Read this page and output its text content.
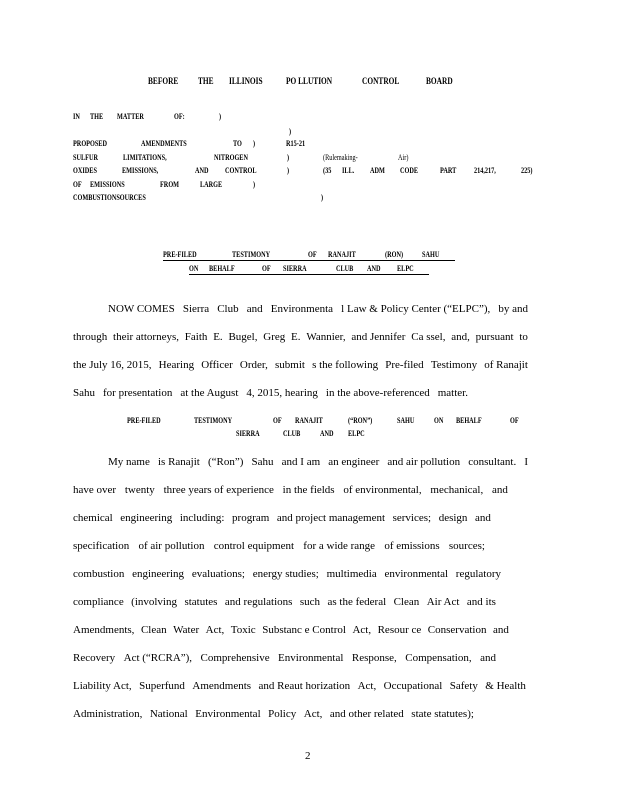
BEFORE THE ILLINOIS	PO LLUTION	CONTROL	BOARD
IN THE MATTER	OF:	)
)
PROPOSED	AMENDMENTS	TO )	R15-21
SULFUR	LIMITATIONS,	NITROGEN	)	(Rulemaking-	Air)
OXIDES	EMISSIONS,	AND CONTROL	)	(35 ILL. ADM CODE	PART 214,217,	225)
OF EMISSIONS	FROM	LARGE	)
COMBUSTIONSOURCES	)
PRE-FILED	TESTIMONY	OF RANAJIT	(RON) SAHU
ON BEHALF	OF SIERRA	CLUB AND ELPC
NOW COMES Sierra Club and Environmenta l Law & Policy Center (“ELPC”), by and
through their attorneys, Faith E. Bugel, Greg E. Wannier, and Jennifer Ca ssel, and, pursuant to
the July 16, 2015, Hearing Officer Order, submit s the following Pre-filed Testimony of Ranajit
Sahu for presentation at the August 4, 2015, hearing in the above-referenced matter.
PRE-FILED	TESTIMONY	OF RANAJIT	(“RON”)	SAHU ON BEHALF	OF
SIERRA	CLUB AND ELPC
My name is Ranajit (“Ron”) Sahu and I am an engineer and air pollution consultant. I
have over twenty three years of experience in the fields of environmental, mechanical, and
chemical engineering including: program and project management services; design and
specification of air pollution control equipment for a wide range of emissions sources;
combustion engineering evaluations; energy studies; multimedia environmental regulatory
compliance (involving statutes and regulations such as the federal Clean Air Act and its
Amendments, Clean Water Act, Toxic Substanc e Control Act, Resour ce Conservation and
Recovery Act (“RCRA”), Comprehensive Environmental Response, Compensation, and
Liability Act, Superfund Amendments and Reaut horization Act, Occupational Safety & Health
Administration, National Environmental Policy Act, and other related state statutes);
2
